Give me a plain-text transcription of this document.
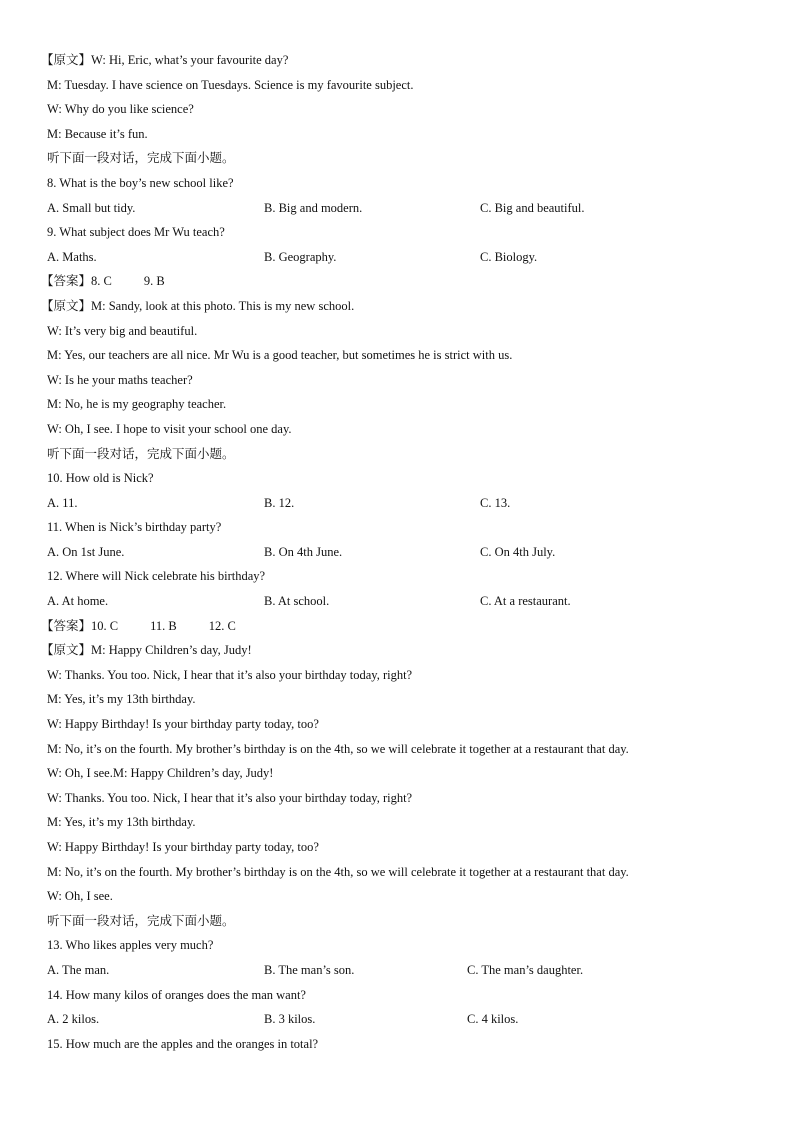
【原文】W: Hi, Eric, what’s your favourite day?
M: Tuesday. I have science on Tuesdays. Science is my favourite subject.
W: Why do you like science?
M: Because it’s fun.
听下面一段对话，完成下面小题。
8. What is the boy’s new school like?
A. Small but tidy.	B. Big and modern.	C. Big and beautiful.
9. What subject does Mr Wu teach?
A. Maths.	B. Geography.	C. Biology.
【答案】8. C	9. B
【原文】M: Sandy, look at this photo. This is my new school.
W: It’s very big and beautiful.
M: Yes, our teachers are all nice. Mr Wu is a good teacher, but sometimes he is strict with us.
W: Is he your maths teacher?
M: No, he is my geography teacher.
W: Oh, I see. I hope to visit your school one day.
听下面一段对话，完成下面小题。
10. How old is Nick?
A. 11.	B. 12.	C. 13.
11. When is Nick’s birthday party?
A. On 1st June.	B. On 4th June.	C. On 4th July.
12. Where will Nick celebrate his birthday?
A. At home.	B. At school.	C. At a restaurant.
【答案】10. C	11. B	12. C
【原文】M: Happy Children’s day, Judy!
W: Thanks. You too. Nick, I hear that it’s also your birthday today, right?
M: Yes, it’s my 13th birthday.
W: Happy Birthday! Is your birthday party today, too?
M: No, it’s on the fourth. My brother’s birthday is on the 4th, so we will celebrate it together at a restaurant that day.
W: Oh, I see.M: Happy Children’s day, Judy!
W: Thanks. You too. Nick, I hear that it’s also your birthday today, right?
M: Yes, it’s my 13th birthday.
W: Happy Birthday! Is your birthday party today, too?
M: No, it’s on the fourth. My brother’s birthday is on the 4th, so we will celebrate it together at a restaurant that day.
W: Oh, I see.
听下面一段对话，完成下面小题。
13. Who likes apples very much?
A. The man.	B. The man’s son.	C. The man’s daughter.
14. How many kilos of oranges does the man want?
A. 2 kilos.	B. 3 kilos.	C. 4 kilos.
15. How much are the apples and the oranges in total?
